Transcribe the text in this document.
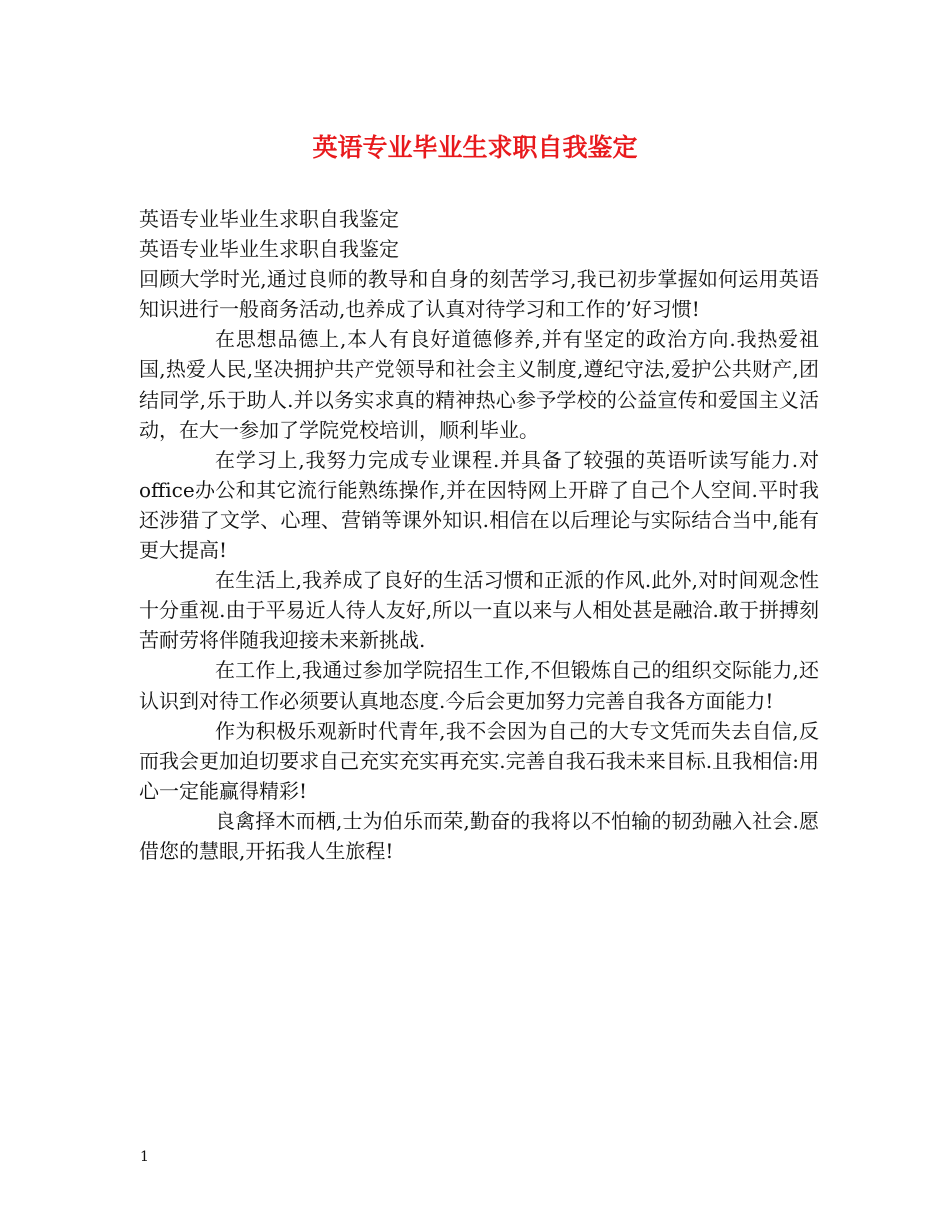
英语专业毕业生求职自我鉴定

英语专业毕业生求职自我鉴定

英语专业毕业生求职自我鉴定

回顾大学时光,通过良师的教导和自身的刻苦学习,我已初步掌握如何运用英语知识进行一般商务活动,也养成了认真对待学习和工作的’好习惯!

在思想品德上,本人有良好道德修养,并有坚定的政治方向.我热爱祖国,热爱人民,坚决拥护共产党领导和社会主义制度,遵纪守法,爱护公共财产,团结同学,乐于助人.并以务实求真的精神热心参予学校的公益宣传和爱国主义活动，在大一参加了学院党校培训，顺利毕业。

在学习上,我努力完成专业课程.并具备了较强的英语听读写能力.对office办公和其它流行能熟练操作,并在因特网上开辟了自己个人空间.平时我还涉猎了文学、心理、营销等课外知识.相信在以后理论与实际结合当中,能有更大提高!

在生活上,我养成了良好的生活习惯和正派的作风.此外,对时间观念性十分重视.由于平易近人待人友好,所以一直以来与人相处甚是融洽.敢于拼搏刻苦耐劳将伴随我迎接未来新挑战.

在工作上,我通过参加学院招生工作,不但锻炼自己的组织交际能力,还认识到对待工作必须要认真地态度.今后会更加努力完善自我各方面能力!

作为积极乐观新时代青年,我不会因为自己的大专文凭而失去自信,反而我会更加迫切要求自己充实充实再充实.完善自我石我未来目标.且我相信:用心一定能赢得精彩!

良禽择木而栖,士为伯乐而荣,勤奋的我将以不怕输的韧劲融入社会.愿借您的慧眼,开拓我人生旅程!

1
